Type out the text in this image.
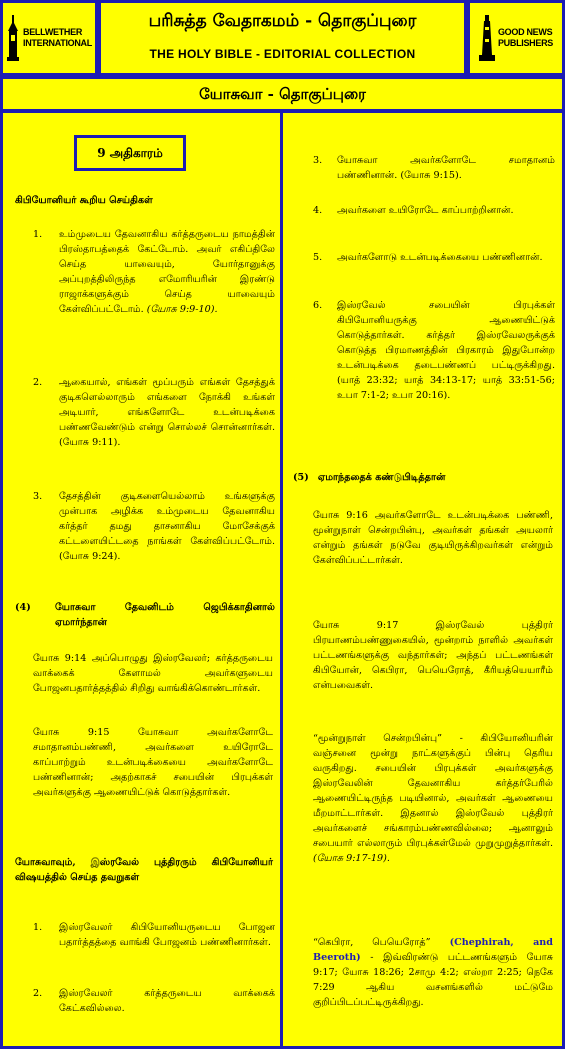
BELLWETHER
INTERNATIONAL
பரிசுத்த வேதாகமம் - தொகுப்புரை
THE HOLY BIBLE - EDITORIAL COLLECTION
GOOD NEWS
PUBLISHERS
யோசுவா - தொகுப்புரை
9 அதிகாரம்
கிபியோனியர் கூறிய செய்திகள்
1. உம்முடைய தேவனாகிய கர்த்தருடைய நாமத்தின் பிரஸ்தாபத்தைக் கேட்டோம். அவர் எகிப்திலே செய்த யாவையும், யோர்தானுக்கு அப்புறத்திலிருந்த எமோரியரின் இரண்டு ராஜாக்களுக்கும் செய்த யாவையும் கேள்விப்பட்டோம். (யோசு 9:9-10).

2. ஆகையால், எங்கள் மூப்பரும் எங்கள் தேசத்துக் குடிகளெல்லாரும் எங்களை நோக்கி உங்கள் அடியார், எங்களோடே உடன்படிக்கை பண்ணவேண்டும் என்று சொல்லச் சொன்னார்கள். (யோசு 9:11).

3. தேசத்தின் குடிகளையெல்லாம் உங்களுக்கு முன்பாக அழிக்க உம்முடைய தேவனாகிய கர்த்தர் தமது தாசனாகிய மோசேக்குக் கட்டளையிட்டதை நாங்கள் கேள்விப்பட்டோம். (யோசு 9:24).

(4)	யோசுவா தேவனிடம் ஜெபிக்காதினால் ஏமார்ந்தான்

யோசு 9:14 அப்பொழுது இஸ்ரவேலர்; கர்த்தருடைய வாக்கைக் கேளாமல் அவர்களுடைய போஜனபதார்த்தத்தில் சிறிது வாங்கிக்கொண்டார்கள்.

யோசு 9:15 யோசுவா அவர்களோடே சமாதானம்பண்ணி, அவர்களை உயிரோடே காப்பாற்றும் உடன்படிக்கையை அவர்களோடே பண்ணினான்; அதற்காகச் சபையின் பிரபுக்கள் அவர்களுக்கு ஆணையிட்டுக் கொடுத்தார்கள்.

யோசுவாவும், இஸ்ரவேல் புத்திரரும் கிபியோனியர் விஷயத்தில் செய்த தவறுகள்

1. இஸ்ரவேலர் கிபியோனியருடைய போஜன பதார்த்தத்தை வாங்கி போஜனம் பண்ணினார்கள்.

2. இஸ்ரவேலர் கர்த்தருடைய வாக்கைக் கேட்கவில்லை.

3. யோசுவா அவர்களோடே சமாதானம் பண்ணினான். (யோசு 9:15).

4. அவர்களை உயிரோடே காப்பாற்றினான்.

5. அவர்களோடு உடன்படிக்கையை பண்ணினான்.

6. இஸ்ரவேல் சபையின் பிரபுக்கள் கிபியோனியருக்கு ஆணையிட்டுக் கொடுத்தார்கள். கர்த்தர் இஸ்ரவேலருக்குக் கொடுத்த பிரமாணத்தின் பிரகாரம் இதுபோன்ற உடன்படிக்கை தடைபண்ணப் பட்டிருக்கிறது. (யாத் 23:32; யாத் 34:13-17; யாத் 33:51-56; உபா 7:1-2; உபா 20:16).

(5) ஏமாந்ததைக் கண்டுபிடித்தான்

யோசு 9:16 அவர்களோடே உடன்படிக்கை பண்ணி, மூன்றுநாள் சென்றபின்பு, அவர்கள் தங்கள் அயலார் என்றும் தங்கள் நடுவே குடியிருக்கிறவர்கள் என்றும் கேள்விப்பட்டார்கள்.

யோசு 9:17 இஸ்ரவேல் புத்திரர் பிரயாணம்பண்ணுகையில், மூன்றாம் நாளில் அவர்கள் பட்டணங்களுக்கு வந்தார்கள்; அந்தப் பட்டணங்கள் கிபியோன், கெபிரா, பெயெரோத், கீரியத்யெயாரீம் என்பவைகள்.

“மூன்றுநாள் சென்றபின்பு” - கிபியோனியரின் வஞ்சனை மூன்று நாட்களுக்குப் பின்பு தெரிய வருகிறது. சபையின் பிரபுக்கள் அவர்களுக்கு இஸ்ரவேலின் தேவனாகிய கர்த்தர்பேரில் ஆணையிட்டிருந்த படியினால், அவர்கள் ஆணையை மீறமாட்டார்கள். இதனால் இஸ்ரவேல் புத்திரர் அவர்களைச் சங்காரம்பண்ணவில்லை; ஆனாலும் சபையார் எல்லாரும் பிரபுக்கள்மேல் முறுமுறுத்தார்கள். (யோசு 9:17-19).

“கெபிரா, பெயெரோத்” (Chephirah, and Beeroth) - இவ்விரண்டு பட்டணங்களும் யோசு 9:17; யோசு 18:26; 2சாமு 4:2; எஸ்றா 2:25; நெகே 7:29 ஆகிய வசனங்களில் மட்டுமே குறிப்பிடப்பட்டிருக்கிறது.
